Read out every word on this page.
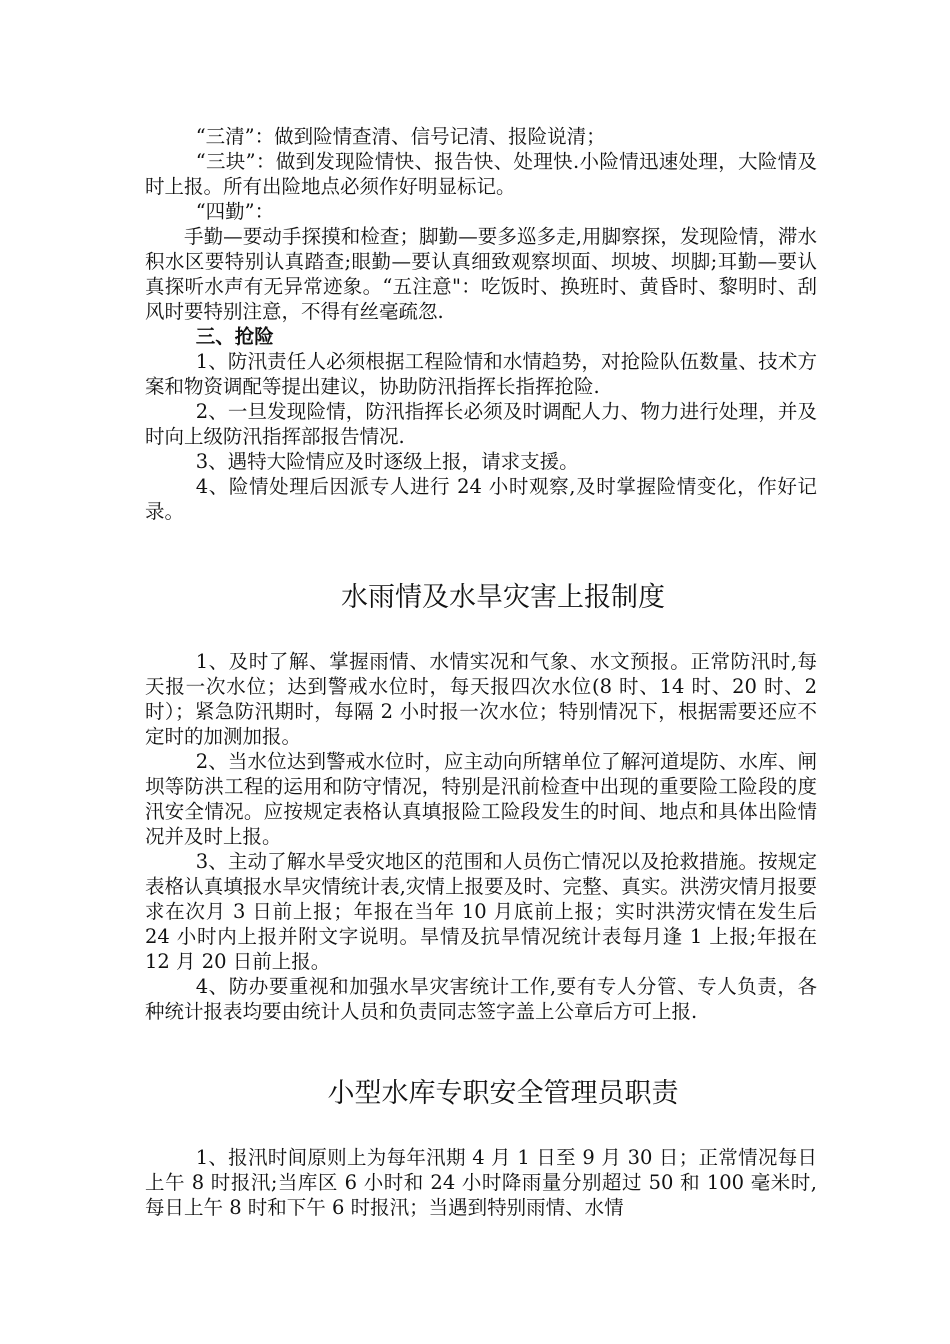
“三清”：做到险情查清、信号记清、报险说清；

“三块”：做到发现险情快、报告快、处理快.小险情迅速处理，大险情及时上报。所有出险地点必须作好明显标记。

“四勤”：

手勤—要动手探摸和检查；脚勤—要多巡多走,用脚察探，发现险情，滞水积水区要特别认真踏查;眼勤—要认真细致观察坝面、坝坡、坝脚;耳勤—要认真探听水声有无异常迹象。“五注意"：吃饭时、换班时、黄昏时、黎明时、刮风时要特别注意，不得有丝毫疏忽.

三、抢险

1、防汛责任人必须根据工程险情和水情趋势，对抢险队伍数量、技术方案和物资调配等提出建议，协助防汛指挥长指挥抢险.

2、一旦发现险情，防汛指挥长必须及时调配人力、物力进行处理，并及时向上级防汛指挥部报告情况.

3、遇特大险情应及时逐级上报，请求支援。

4、险情处理后因派专人进行 24 小时观察,及时掌握险情变化，作好记录。

水雨情及水旱灾害上报制度

1、及时了解、掌握雨情、水情实况和气象、水文预报。正常防汛时,每天报一次水位；达到警戒水位时，每天报四次水位(8 时、14 时、20 时、2 时）；紧急防汛期时，每隔 2 小时报一次水位；特别情况下，根据需要还应不定时的加测加报。

2、当水位达到警戒水位时，应主动向所辖单位了解河道堤防、水库、闸坝等防洪工程的运用和防守情况，特别是汛前检查中出现的重要险工险段的度汛安全情况。应按规定表格认真填报险工险段发生的时间、地点和具体出险情况并及时上报。

3、主动了解水旱受灾地区的范围和人员伤亡情况以及抢救措施。按规定表格认真填报水旱灾情统计表,灾情上报要及时、完整、真实。洪涝灾情月报要求在次月 3 日前上报；年报在当年 10 月底前上报；实时洪涝灾情在发生后 24 小时内上报并附文字说明。旱情及抗旱情况统计表每月逢 1 上报;年报在 12 月 20 日前上报。

4、防办要重视和加强水旱灾害统计工作,要有专人分管、专人负责，各种统计报表均要由统计人员和负责同志签字盖上公章后方可上报.

小型水库专职安全管理员职责

1、报汛时间原则上为每年汛期 4 月 1 日至 9 月 30 日；正常情况每日上午 8 时报汛;当库区 6 小时和 24 小时降雨量分别超过 50 和 100 毫米时,每日上午 8 时和下午 6 时报汛；当遇到特别雨情、水情
